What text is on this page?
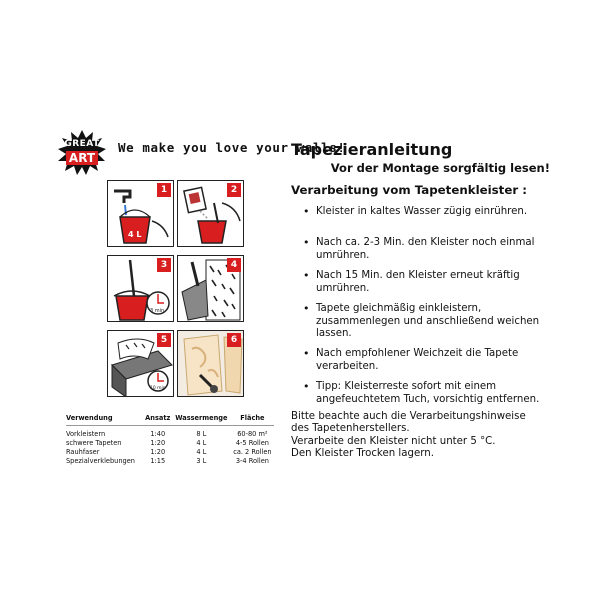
GREAT
ART
We make you love your walls!
Tapezieranleitung
Vor der Montage sorgfältig lesen!
Verarbeitung vom Tapetenkleister :
• Kleister in kaltes Wasser zügig einrühren.
• Nach ca. 2-3 Min. den Kleister noch einmal umrühren.
• Nach 15 Min. den Kleister erneut kräftig umrühren.
• Tapete gleichmäßig einkleistern, zusammenlegen und anschließend weichen lassen.
• Nach empfohlener Weichzeit die Tapete verarbeiten.
• Tipp: Kleisterreste sofort mit einem angefeuchtetem Tuch, vorsichtig entfernen.
Bitte beachte auch die Verarbeitungshinweise
des Tapetenherstellers.
Verarbeite den Kleister nicht unter 5 °C.
Den Kleister Trocken lagern.
4 L
1	2
3 min
3	4
10 min
5	6
Verwendung	Ansatz	Wassermenge	Fläche
Vorkleistern	1:40	8 L	60-80 m²
schwere Tapeten	1:20	4 L	4-5 Rollen
Rauhfaser	1:20	4 L	ca. 2 Rollen
Spezialverklebungen	1:15	3 L	3-4 Rollen
